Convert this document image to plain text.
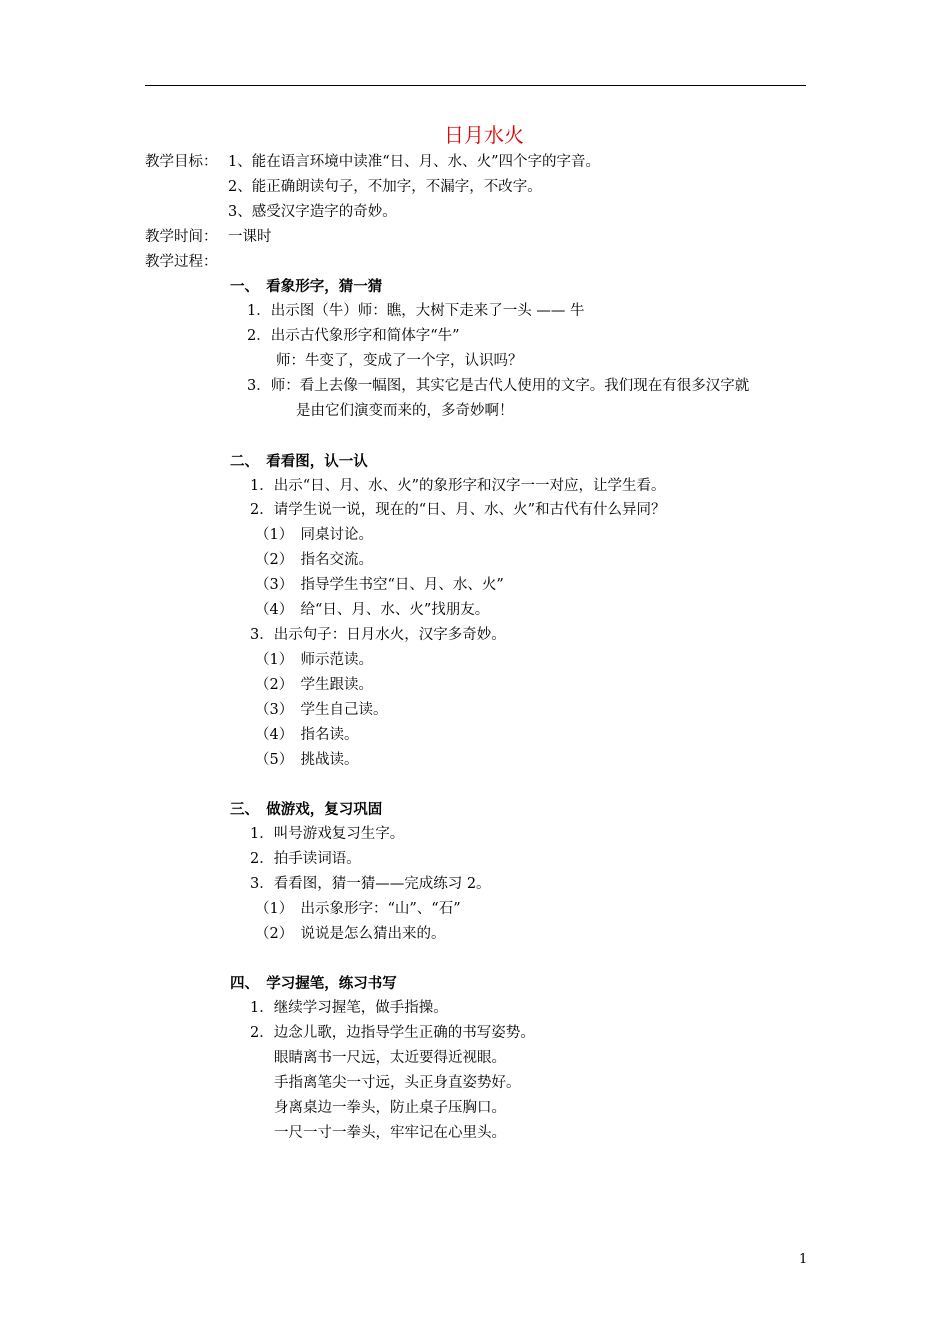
日月水火
教学目标： 1、能在语言环境中读准“日、月、水、火”四个字的字音。
2、能正确朗读句子，不加字，不漏字，不改字。
3、感受汉字造字的奇妙。
教学时间： 一课时
教学过程：
一、　看象形字，猜一猜
1．出示图（牛）师：瞧，大树下走来了一头 —— 牛
2．出示古代象形字和简体字“牛”
师：牛变了，变成了一个字，认识吗？
3．师：看上去像一幅图，其实它是古代人使用的文字。我们现在有很多汉字就
是由它们演变而来的，多奇妙啊！
二、　看看图，认一认
1．出示“日、月、水、火”的象形字和汉字一一对应，让学生看。
2．请学生说一说，现在的“日、月、水、火”和古代有什么异同？
（1）　同桌讨论。
（2）　指名交流。
（3）　指导学生书空“日、月、水、火”
（4）　给“日、月、水、火”找朋友。
3．出示句子：日月水火，汉字多奇妙。
（1）　师示范读。
（2）　学生跟读。
（3）　学生自己读。
（4）　指名读。
（5）　挑战读。
三、　做游戏，复习巩固
1．叫号游戏复习生字。
2．拍手读词语。
3．看看图，猜一猜——完成练习 2。
（1）　出示象形字：“山”、“石”
（2）　说说是怎么猜出来的。
四、　学习握笔，练习书写
1．继续学习握笔，做手指操。
2．边念儿歌，边指导学生正确的书写姿势。
眼睛离书一尺远，太近要得近视眼。
手指离笔尖一寸远，头正身直姿势好。
身离桌边一拳头，防止桌子压胸口。
一尺一寸一拳头，牢牢记在心里头。
1
